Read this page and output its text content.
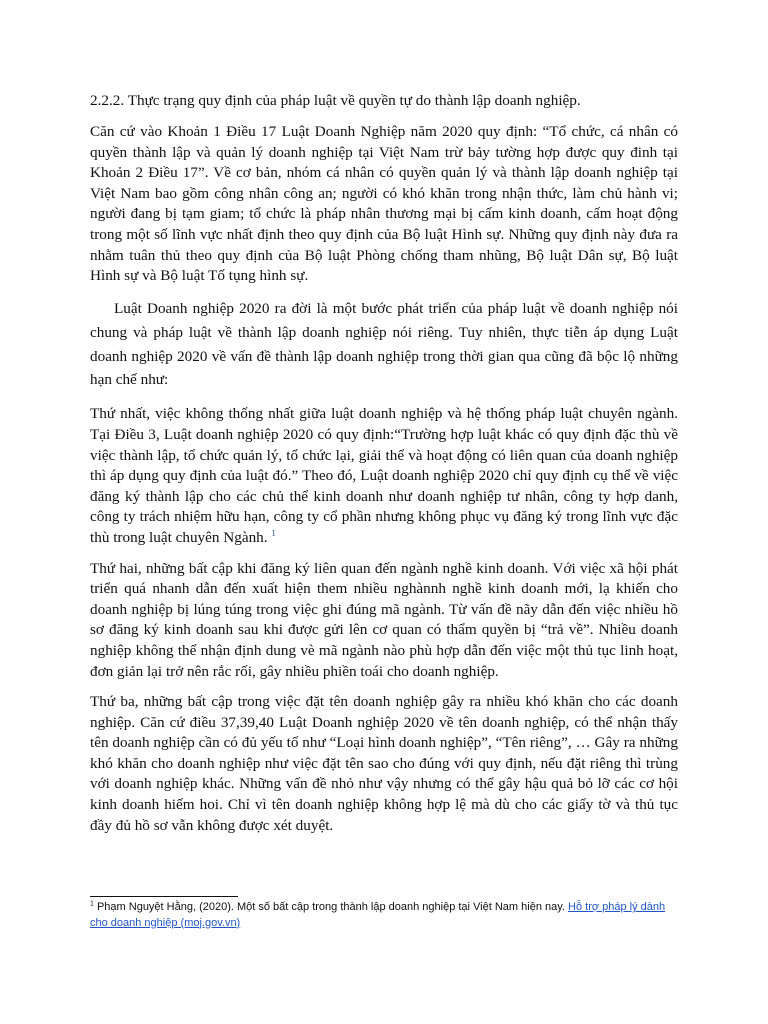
2.2.2. Thực trạng quy định của pháp luật về quyền tự do thành lập doanh nghiệp.

Căn cứ vào Khoản 1 Điều 17 Luật Doanh Nghiệp năm 2020 quy định: “Tổ chức, cá nhân có quyền thành lập và quản lý doanh nghiệp tại Việt Nam trừ bảy tường hợp được quy đinh tại Khoản 2 Điều 17”. Về cơ bản, nhóm cá nhân có quyền quản lý và thành lập doanh nghiệp tại Việt Nam bao gồm công nhân công an; người có khó khăn trong nhận thức, làm chủ hành vi; người đang bị tạm giam; tổ chức là pháp nhân thương mại bị cấm kinh doanh, cấm hoạt động trong một số lĩnh vực nhất định theo quy định của Bộ luật Hình sự. Những quy định này đưa ra nhằm tuân thủ theo quy định của Bộ luật Phòng chống tham nhũng, Bộ luật Dân sự, Bộ luật Hình sự và Bộ luật Tố tụng hình sự.

Luật Doanh nghiệp 2020 ra đời là một bước phát triển của pháp luật về doanh nghiệp nói chung và pháp luật về thành lập doanh nghiệp nói riêng. Tuy nhiên, thực tiễn áp dụng Luật doanh nghiệp 2020 về vấn đề thành lập doanh nghiệp trong thời gian qua cũng đã bộc lộ những hạn chế như:

Thứ nhất, việc không thống nhất giữa luật doanh nghiệp và hệ thống pháp luật chuyên ngành. Tại Điều 3, Luật doanh nghiệp 2020 có quy định:“Trường hợp luật khác có quy định đặc thù về việc thành lập, tổ chức quản lý, tổ chức lại, giải thể và hoạt động có liên quan của doanh nghiệp thì áp dụng quy định của luật đó.” Theo đó, Luật doanh nghiệp 2020 chỉ quy định cụ thể về việc đăng ký thành lập cho các chủ thể kinh doanh như doanh nghiệp tư nhân, công ty hợp danh, công ty trách nhiệm hữu hạn, công ty cổ phần nhưng không phục vụ đăng ký trong lĩnh vực đặc thù trong luật chuyên Ngành. $^1$

Thứ hai, những bất cập khi đăng ký liên quan đến ngành nghề kinh doanh. Với việc xã hội phát triển quá nhanh dẫn đến xuất hiện them nhiều nghànnh nghề kinh doanh mới, lạ khiến cho doanh nghiệp bị lúng túng trong việc ghi đúng mã ngành. Từ vấn đề nãy dẫn đến việc nhiều hồ sơ đăng ký kinh doanh sau khi được gửi lên cơ quan có thẩm quyền bị “trả về”. Nhiều doanh nghiệp không thể nhận định dung vè mã ngành nào phù hợp dẫn đến việc một thủ tục linh hoạt, đơn giản lại trở nên rắc rối, gây nhiều phiền toái cho doanh nghiệp.

Thứ ba, những bất cập trong việc đặt tên doanh nghiệp gây ra nhiều khó khăn cho các doanh nghiệp. Căn cứ điều 37,39,40 Luật Doanh nghiệp 2020 về tên doanh nghiệp, có thể nhận thấy tên doanh nghiệp cần có đủ yếu tố như “Loại hình doanh nghiệp”, “Tên riêng”, … Gây ra những khó khăn cho doanh nghiệp như việc đặt tên sao cho đúng với quy định, nếu đặt riêng thì trùng với doanh nghiệp khác. Những vấn đề nhỏ như vậy nhưng có thể gây hậu quả bỏ lỡ các cơ hội kinh doanh hiếm hoi. Chỉ vì tên doanh nghiệp không hợp lệ mà dù cho các giấy tờ và thủ tục đầy đủ hồ sơ vẫn không được xét duyệt.

$^1$ Phạm Nguyệt Hằng, (2020). Một số bất cập trong thành lập doanh nghiệp tại Việt Nam hiện nay. Hỗ trợ pháp lý dành cho doanh nghiệp (moj.gov.vn)
